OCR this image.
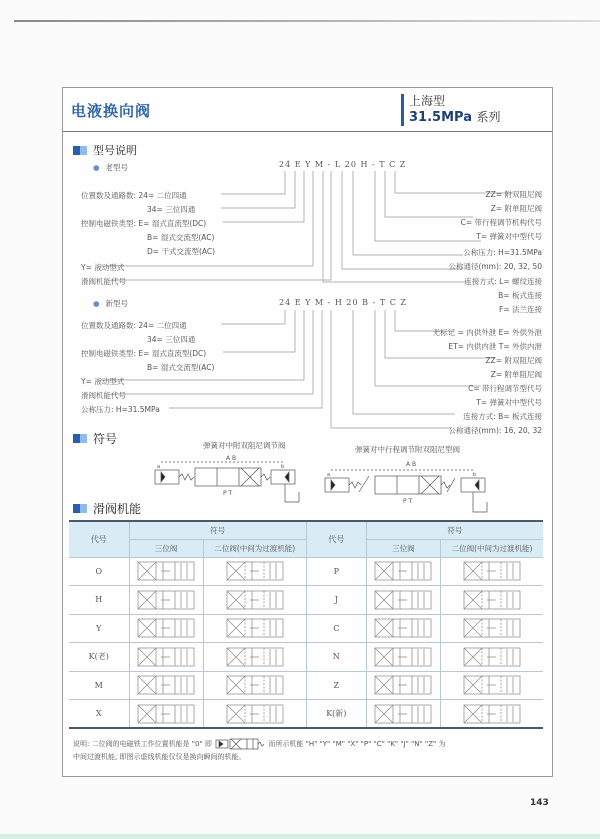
电液换向阀
上海型
31.5MPa 系列
型号说明
● 老型号	24 E Y M - L 20 H - T C Z
位置数及通路数: 24= 二位四通
34= 三位四通
控制电磁铁类型: E= 湿式直流型(DC)
B= 湿式交流型(AC)
D= 干式交流型(AC)
Y= 液动型式
滑阀机能代号
ZZ= 附双阻尼阀
Z= 附单阻尼阀
C= 带行程调节机构代号
T= 弹簧对中型代号
公称压力: H=31.5MPa
公称通径(mm): 20, 32, 50
连接方式: L= 螺纹连接
B= 板式连接
F= 法兰连接
● 新型号	24 E Y M - H 20 B - T C Z
位置数及通路数: 24= 二位四通
34= 三位四通
控制电磁铁类型: E= 湿式直流型(DC)
B= 湿式交流型(AC)
Y= 液动型式
滑阀机能代号
公称压力: H=31.5MPa
无标记 = 内供外泄 E= 外供外泄
ET= 内供内泄 T= 外供内泄
ZZ= 附双阻尼阀
Z= 附单阻尼阀
C= 带行程调节型代号
T= 弹簧对中型代号
连接方式: B= 板式连接
公称通径(mm): 16, 20, 32
符号	弹簧对中附双阻尼调节阀	弹簧对中行程调节附双阻尼型阀
A B
P T
a	b	A B
P T
a	b
滑阀机能
代号	符号		代号	符号	
	三位阀	二位阀(中间为过渡机能)		三位阀	二位阀(中间为过渡机能)
O			P	

H			J	

Y			C	

K(老)			N	

M			Z	

X			K(新)	

说明: 二位阀的电磁铁工作位置机能是 "0" 即	而所示机能 "H" "Y" "M" "X" "P" "C" "K" "J" "N" "Z" 为
中间过渡机能, 即图示虚线机能仅仅是换向瞬间的机能。
143
